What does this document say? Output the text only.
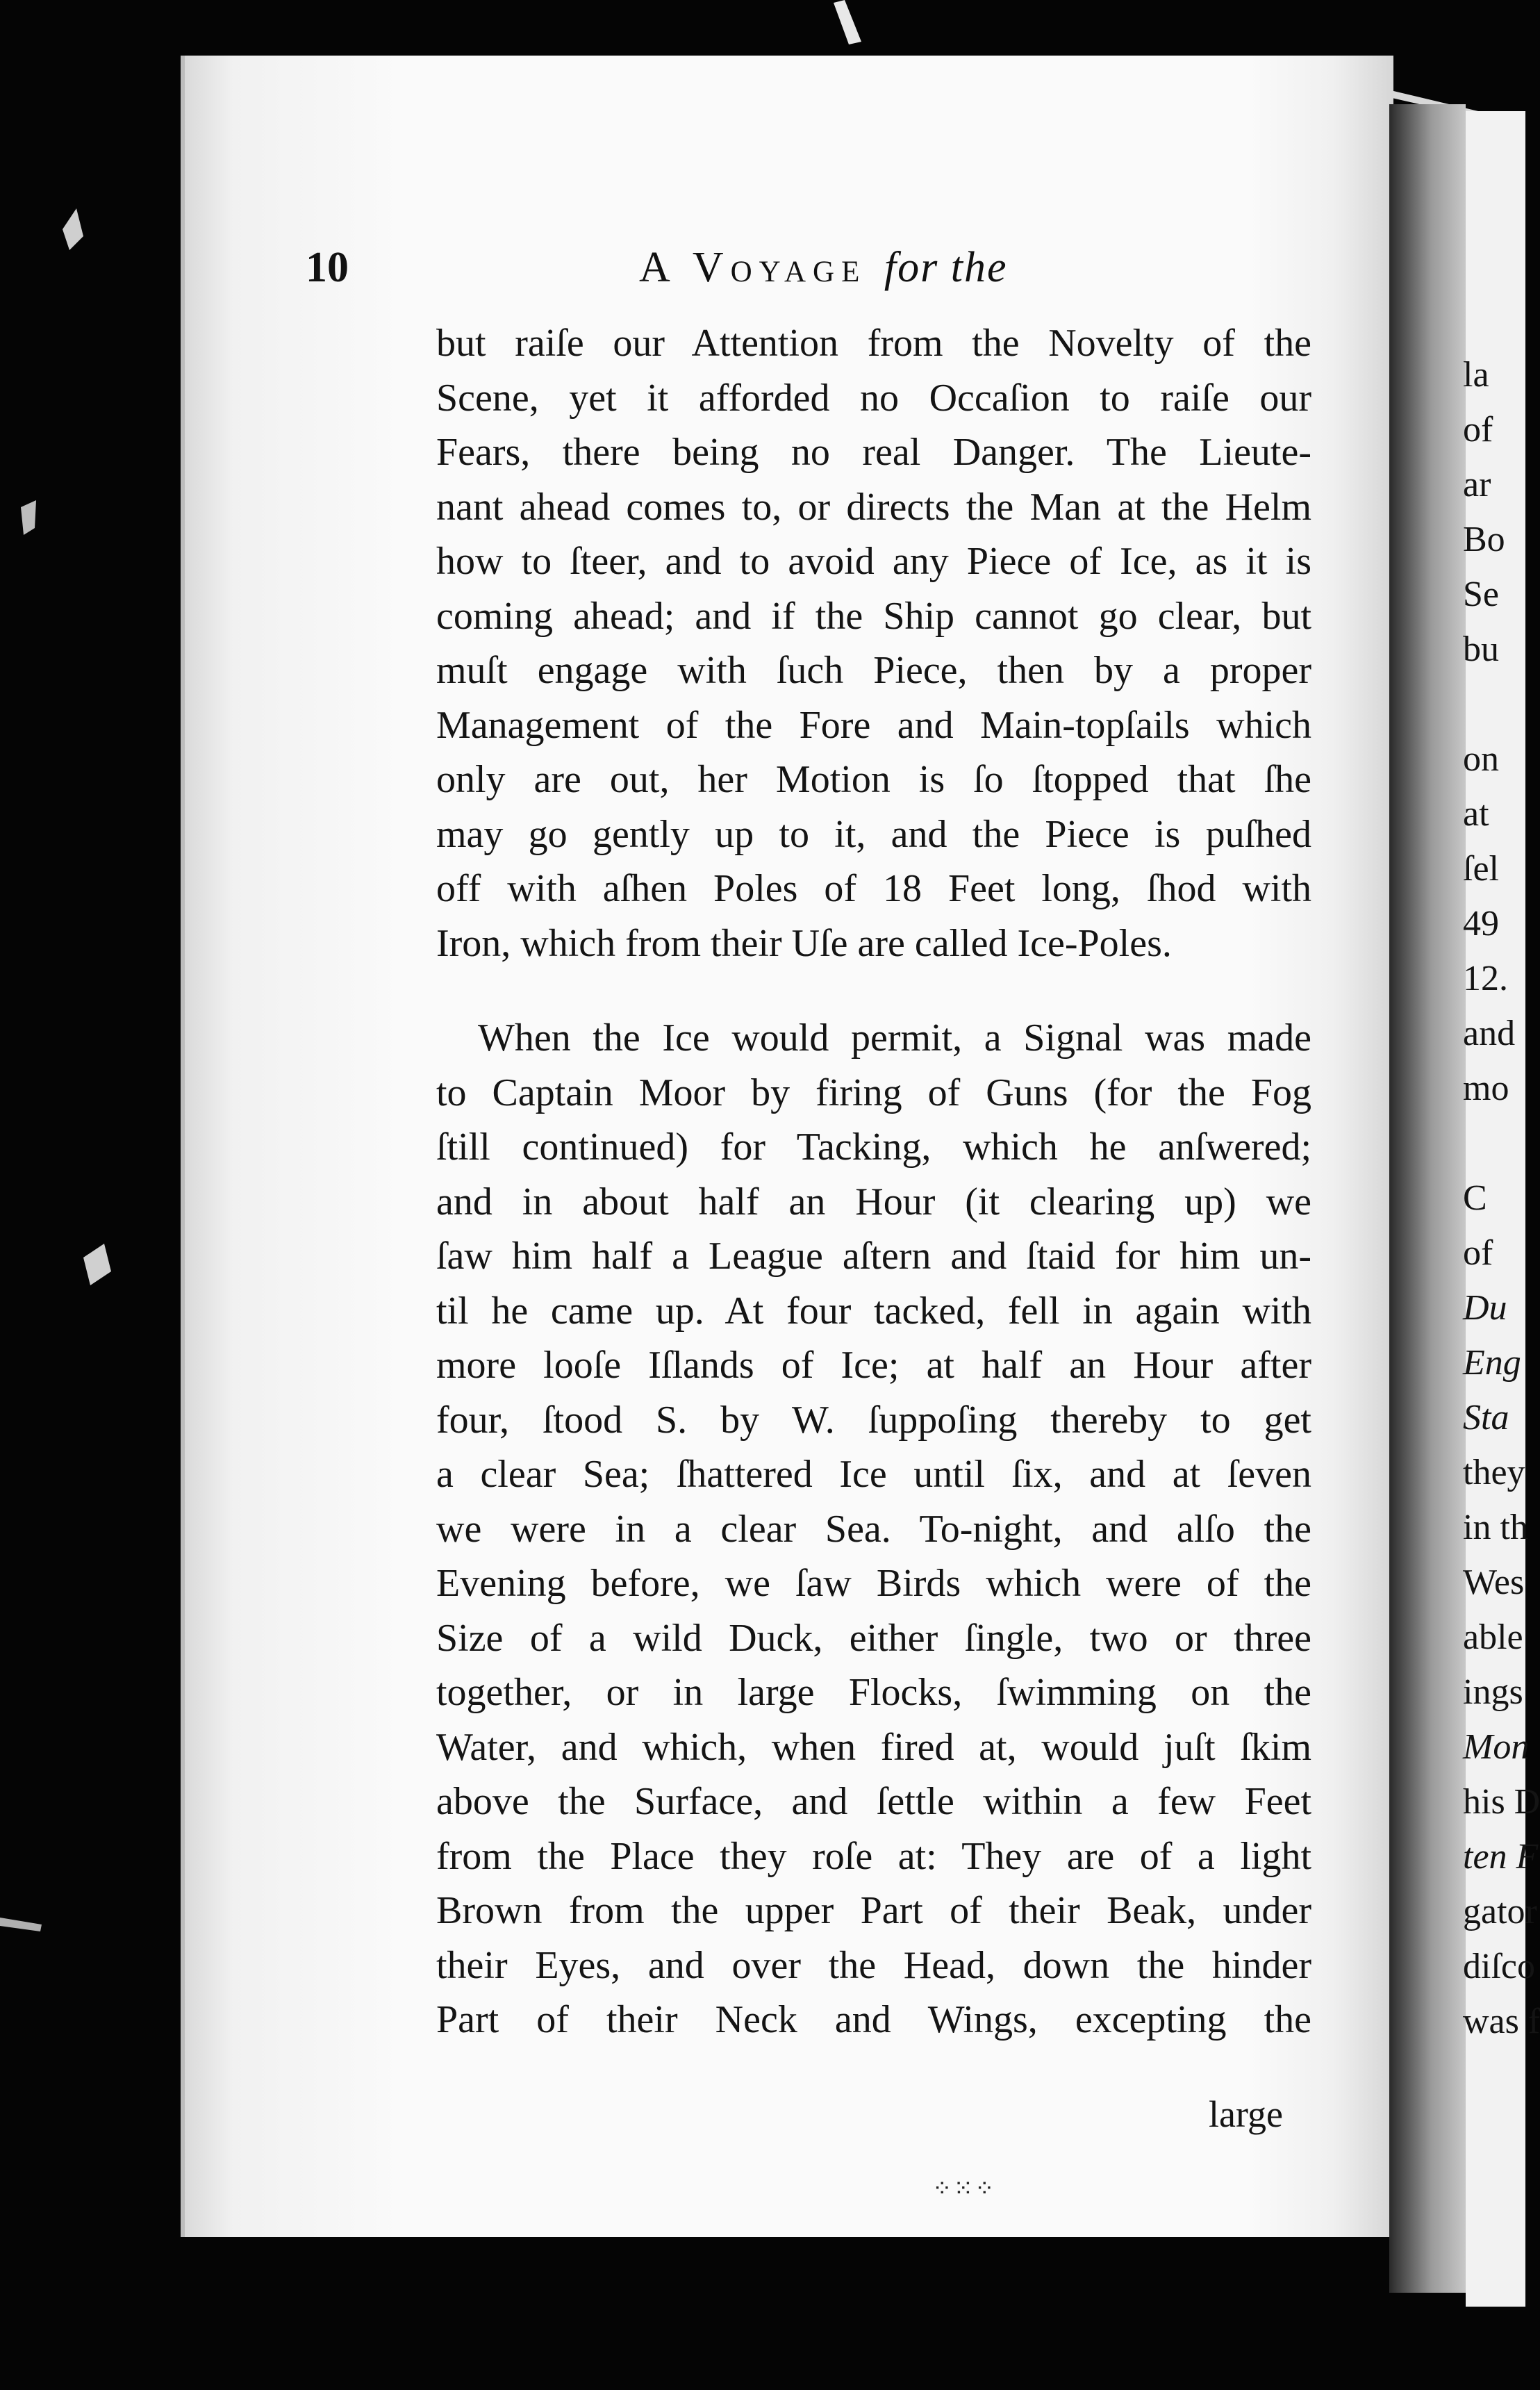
10	A Voyage for the
but raiſe our Attention from the Novelty of the
Scene, yet it afforded no Occaſion to raiſe our
Fears, there being no real Danger. The Lieute-
nant ahead comes to, or directs the Man at the Helm
how to ſteer, and to avoid any Piece of Ice, as it is
coming ahead; and if the Ship cannot go clear, but
muſt engage with ſuch Piece, then by a proper
Management of the Fore and Main-topſails which
only are out, her Motion is ſo ſtopped that ſhe
may go gently up to it, and the Piece is puſhed
off with aſhen Poles of 18 Feet long, ſhod with
Iron, which from their Uſe are called Ice-Poles.
When the Ice would permit, a Signal was made
to Captain Moor by firing of Guns (for the Fog
ſtill continued) for Tacking, which he anſwered;
and in about half an Hour (it clearing up) we
ſaw him half a League aſtern and ſtaid for him un-
til he came up. At four tacked, fell in again with
more looſe Iſlands of Ice; at half an Hour after
four, ſtood S. by W. ſuppoſing thereby to get
a clear Sea; ſhattered Ice until ſix, and at ſeven
we were in a clear Sea. To-night, and alſo the
Evening before, we ſaw Birds which were of the
Size of a wild Duck, either ſingle, two or three
together, or in large Flocks, ſwimming on the
Water, and which, when fired at, would juſt ſkim
above the Surface, and ſettle within a few Feet
from the Place they roſe at: They are of a light
Brown from the upper Part of their Beak, under
their Eyes, and over the Head, down the hinder
Part of their Neck and Wings, excepting the
large
⁘⁙⁘
la
of
ar
Bo
Se
bu
on
at
ſel
49
12.
and
mo
C
of
Du
Eng
Sta
they
in th
Wes
able
ings
Mon
his D
ten F
gator
diſco
was f
